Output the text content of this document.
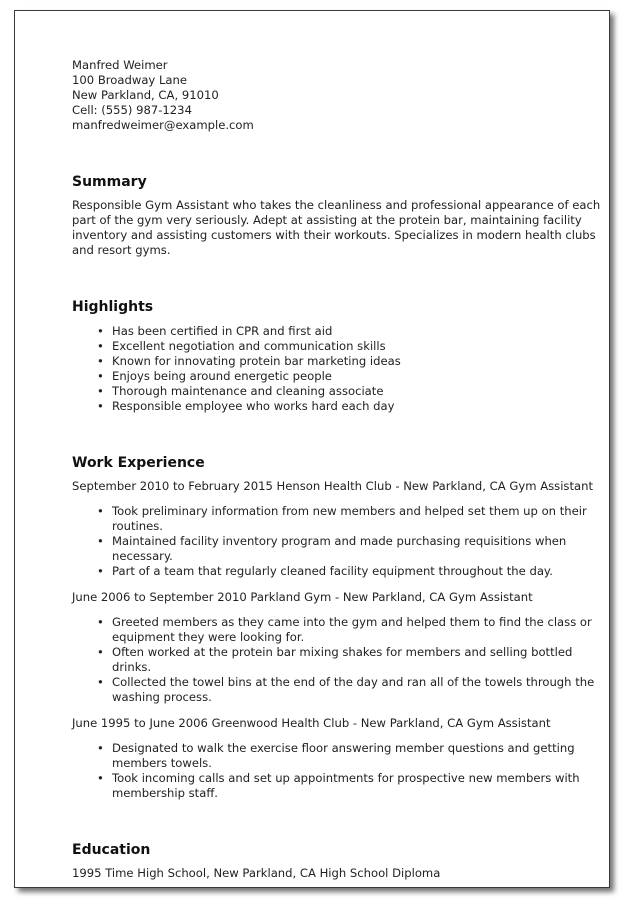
Manfred Weimer
100 Broadway Lane
New Parkland, CA, 91010
Cell: (555) 987-1234
manfredweimer@example.com
Summary

Responsible Gym Assistant who takes the cleanliness and professional appearance of each part of the gym very seriously. Adept at assisting at the protein bar, maintaining facility inventory and assisting customers with their workouts. Specializes in modern health clubs and resort gyms.

Highlights
• Has been certified in CPR and first aid
• Excellent negotiation and communication skills
• Known for innovating protein bar marketing ideas
• Enjoys being around energetic people
• Thorough maintenance and cleaning associate
• Responsible employee who works hard each day
Work Experience
September 2010 to February 2015 Henson Health Club - New Parkland, CA Gym Assistant
• Took preliminary information from new members and helped set them up on their routines.
• Maintained facility inventory program and made purchasing requisitions when necessary.
• Part of a team that regularly cleaned facility equipment throughout the day.
June 2006 to September 2010 Parkland Gym - New Parkland, CA Gym Assistant
• Greeted members as they came into the gym and helped them to find the class or equipment they were looking for.
• Often worked at the protein bar mixing shakes for members and selling bottled drinks.
• Collected the towel bins at the end of the day and ran all of the towels through the washing process.
June 1995 to June 2006 Greenwood Health Club - New Parkland, CA Gym Assistant
• Designated to walk the exercise floor answering member questions and getting members towels.
• Took incoming calls and set up appointments for prospective new members with membership staff.
Education

1995 Time High School, New Parkland, CA High School Diploma
